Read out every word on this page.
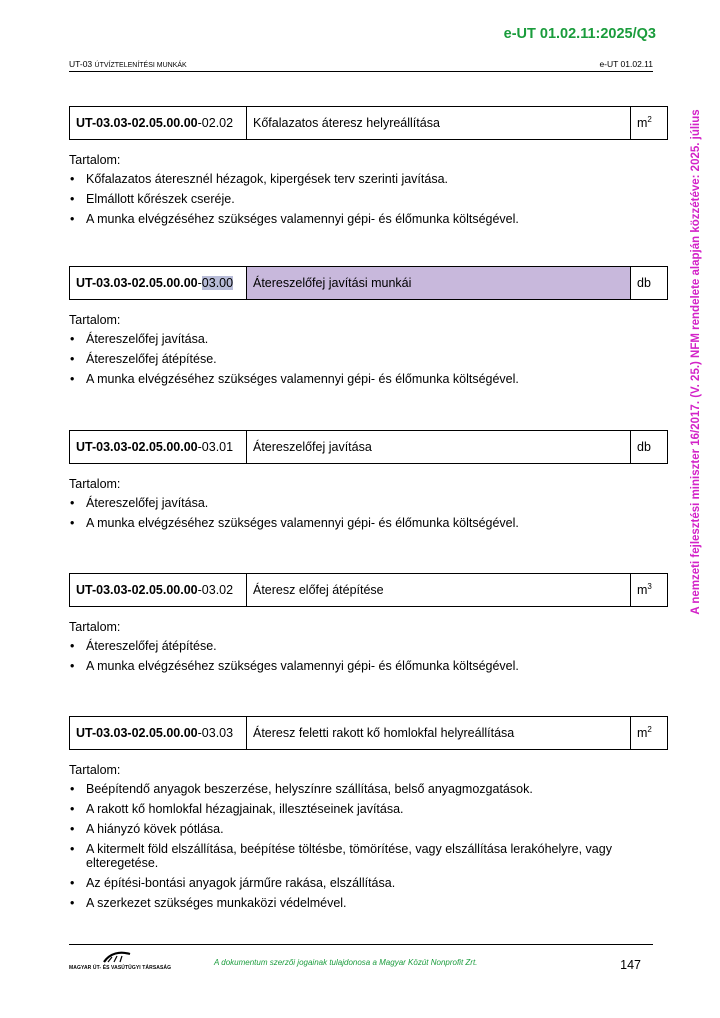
e-UT 01.02.11:2025/Q3
UT-03 ÚTVÍZTELENÍTÉSI MUNKÁK	e-UT 01.02.11
A nemzeti fejlesztési miniszter 16/2017. (V. 25.) NFM rendelete alapján közzétéve: 2025. július
UT-03.03-02.05.00.00-02.02	Kőfalazatos áteresz helyreállítása	$m^2$
Tartalom:
• Kőfalazatos áteresznél hézagok, kipergések terv szerinti javítása.
• Elmállott kőrészek cseréje.
• A munka elvégzéséhez szükséges valamennyi gépi- és élőmunka költségével.
UT-03.03-02.05.00.00-03.00	Átereszelőfej javítási munkái	db
Tartalom:
• Átereszelőfej javítása.
• Átereszelőfej átépítése.
• A munka elvégzéséhez szükséges valamennyi gépi- és élőmunka költségével.
UT-03.03-02.05.00.00-03.01	Átereszelőfej javítása	db
Tartalom:
• Átereszelőfej javítása.
• A munka elvégzéséhez szükséges valamennyi gépi- és élőmunka költségével.
UT-03.03-02.05.00.00-03.02	Áteresz előfej átépítése	$m^3$
Tartalom:
• Átereszelőfej átépítése.
• A munka elvégzéséhez szükséges valamennyi gépi- és élőmunka költségével.
UT-03.03-02.05.00.00-03.03	Áteresz feletti rakott kő homlokfal helyreállítása	$m^2$
Tartalom:
• Beépítendő anyagok beszerzése, helyszínre szállítása, belső anyagmozgatások.
• A rakott kő homlokfal hézagjainak, illesztéseinek javítása.
• A hiányzó kövek pótlása.
• A kitermelt föld elszállítása, beépítése töltésbe, tömörítése, vagy elszállítása lerakóhelyre, vagy elteregetése.
• Az építési-bontási anyagok járműre rakása, elszállítása.
• A szerkezet szükséges munkaközi védelmével.
MAGYAR ÚT- ÉS VASÚTÜGYI TÁRSASÁG
A dokumentum szerzői jogainak tulajdonosa a Magyar Közút Nonprofit Zrt.	147
